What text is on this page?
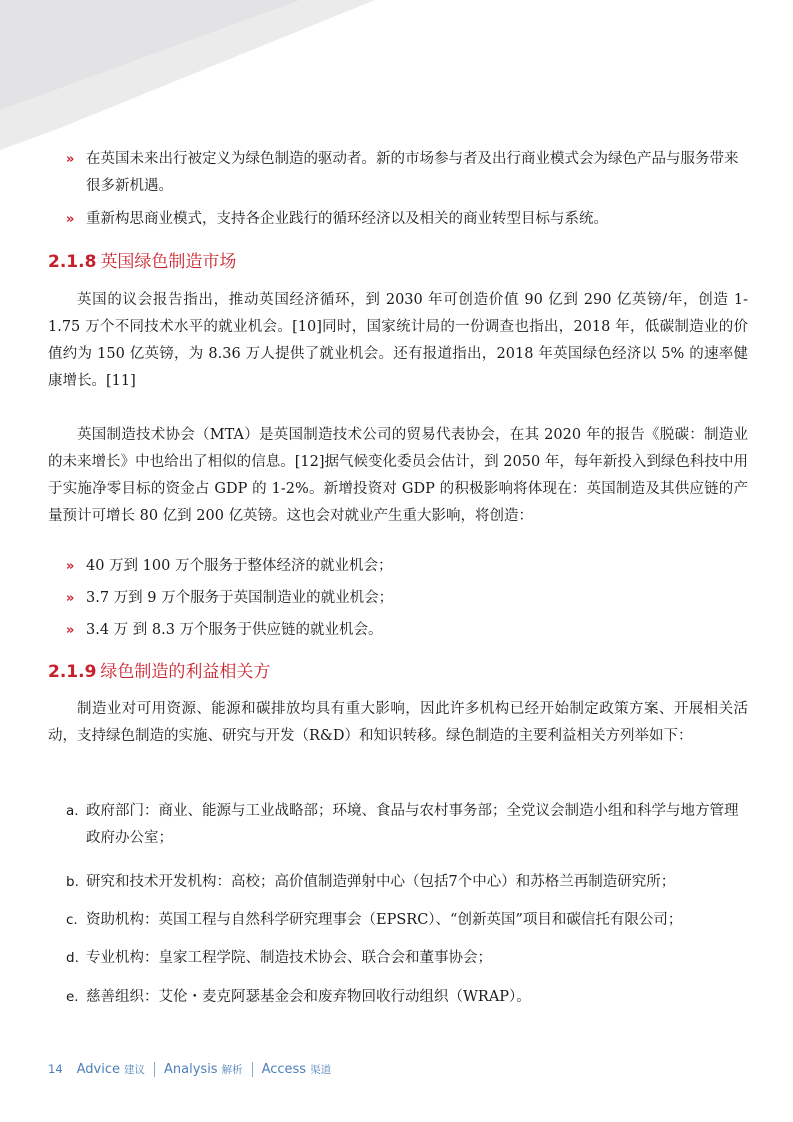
» 在英国未来出行被定义为绿色制造的驱动者。新的市场参与者及出行商业模式会为绿色产品与服务带来很多新机遇。
» 重新构思商业模式，支持各企业践行的循环经济以及相关的商业转型目标与系统。
2.1.8 英国绿色制造市场

英国的议会报告指出，推动英国经济循环，到 2030 年可创造价值 90 亿到 290 亿英镑/年，创造 1-1.75 万个不同技术水平的就业机会。[10]同时，国家统计局的一份调查也指出，2018 年，低碳制造业的价值约为 150 亿英镑，为 8.36 万人提供了就业机会。还有报道指出，2018 年英国绿色经济以 5% 的速率健康增长。[11]

英国制造技术协会（MTA）是英国制造技术公司的贸易代表协会，在其 2020 年的报告《脱碳：制造业的未来增长》中也给出了相似的信息。[12]据气候变化委员会估计，到 2050 年，每年新投入到绿色科技中用于实施净零目标的资金占 GDP 的 1-2%。新增投资对 GDP 的积极影响将体现在：英国制造及其供应链的产量预计可增长 80 亿到 200 亿英镑。这也会对就业产生重大影响，将创造：

» 40 万到 100 万个服务于整体经济的就业机会；
» 3.7 万到 9 万个服务于英国制造业的就业机会；
» 3.4 万 到 8.3 万个服务于供应链的就业机会。
2.1.9 绿色制造的利益相关方

制造业对可用资源、能源和碳排放均具有重大影响，因此许多机构已经开始制定政策方案、开展相关活动，支持绿色制造的实施、研究与开发（R&D）和知识转移。绿色制造的主要利益相关方列举如下：

a. 政府部门：商业、能源与工业战略部；环境、食品与农村事务部；全党议会制造小组和科学与地方管理政府办公室；
b. 研究和技术开发机构：高校；高价值制造弹射中心（包括7个中心）和苏格兰再制造研究所；
c. 资助机构：英国工程与自然科学研究理事会（EPSRC）、“创新英国”项目和碳信托有限公司；
d. 专业机构：皇家工程学院、制造技术协会、联合会和董事协会；
e. 慈善组织：艾伦・麦克阿瑟基金会和废弃物回收行动组织（WRAP）。
14 Advice 建议 Analysis 解析 Access 渠道
